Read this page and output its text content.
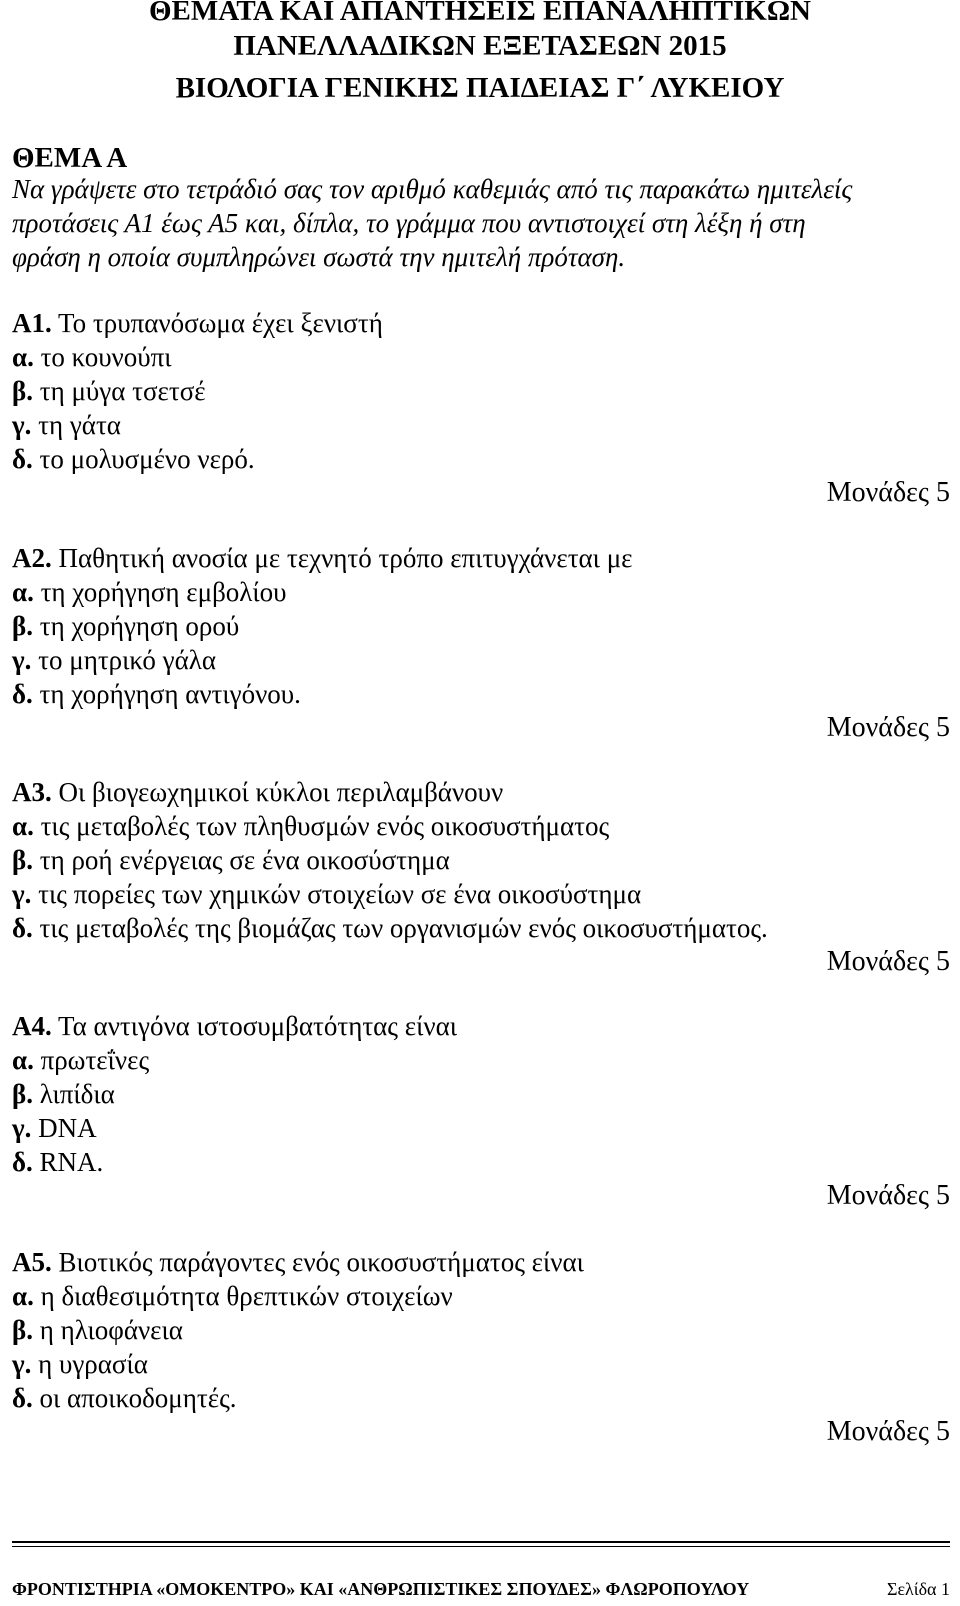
ΘΕΜΑΤΑ ΚΑΙ ΑΠΑΝΤΗΣΕΙΣ ΕΠΑΝΑΛΗΠΤΙΚΩΝ
ΠΑΝΕΛΛΑΔΙΚΩΝ ΕΞΕΤΑΣΕΩΝ 2015
ΒΙΟΛΟΓΙΑ ΓΕΝΙΚΗΣ ΠΑΙΔΕΙΑΣ Γ΄ ΛΥΚΕΙΟΥ
ΘΕΜΑ Α
Να γράψετε στο τετράδιό σας τον αριθμό καθεμιάς από τις παρακάτω ημιτελείς
προτάσεις Α1 έως Α5 και, δίπλα, το γράμμα που αντιστοιχεί στη λέξη ή στη
φράση η οποία συμπληρώνει σωστά την ημιτελή πρόταση.
Α1. Το τρυπανόσωμα έχει ξενιστή
α. το κουνούπι
β. τη μύγα τσετσέ
γ. τη γάτα
δ. το μολυσμένο νερό.
Μονάδες 5
Α2. Παθητική ανοσία με τεχνητό τρόπο επιτυγχάνεται με
α. τη χορήγηση εμβολίου
β. τη χορήγηση ορού
γ. το μητρικό γάλα
δ. τη χορήγηση αντιγόνου.
Μονάδες 5
Α3. Οι βιογεωχημικοί κύκλοι περιλαμβάνουν
α. τις μεταβολές των πληθυσμών ενός οικοσυστήματος
β. τη ροή ενέργειας σε ένα οικοσύστημα
γ. τις πορείες των χημικών στοιχείων σε ένα οικοσύστημα
δ. τις μεταβολές της βιομάζας των οργανισμών ενός οικοσυστήματος.
Μονάδες 5
Α4. Τα αντιγόνα ιστοσυμβατότητας είναι
α. πρωτεΐνες
β. λιπίδια
γ. DNA
δ. RNA.
Μονάδες 5
Α5. Βιοτικός παράγοντες ενός οικοσυστήματος είναι
α. η διαθεσιμότητα θρεπτικών στοιχείων
β. η ηλιοφάνεια
γ. η υγρασία
δ. οι αποικοδομητές.
Μονάδες 5
ΦΡΟΝΤΙΣΤΗΡΙΑ «ΟΜΟΚΕΝΤΡΟ» ΚΑΙ «ΑΝΘΡΩΠΙΣΤΙΚΕΣ ΣΠΟΥΔΕΣ» ΦΛΩΡΟΠΟΥΛΟΥ	Σελίδα 1
